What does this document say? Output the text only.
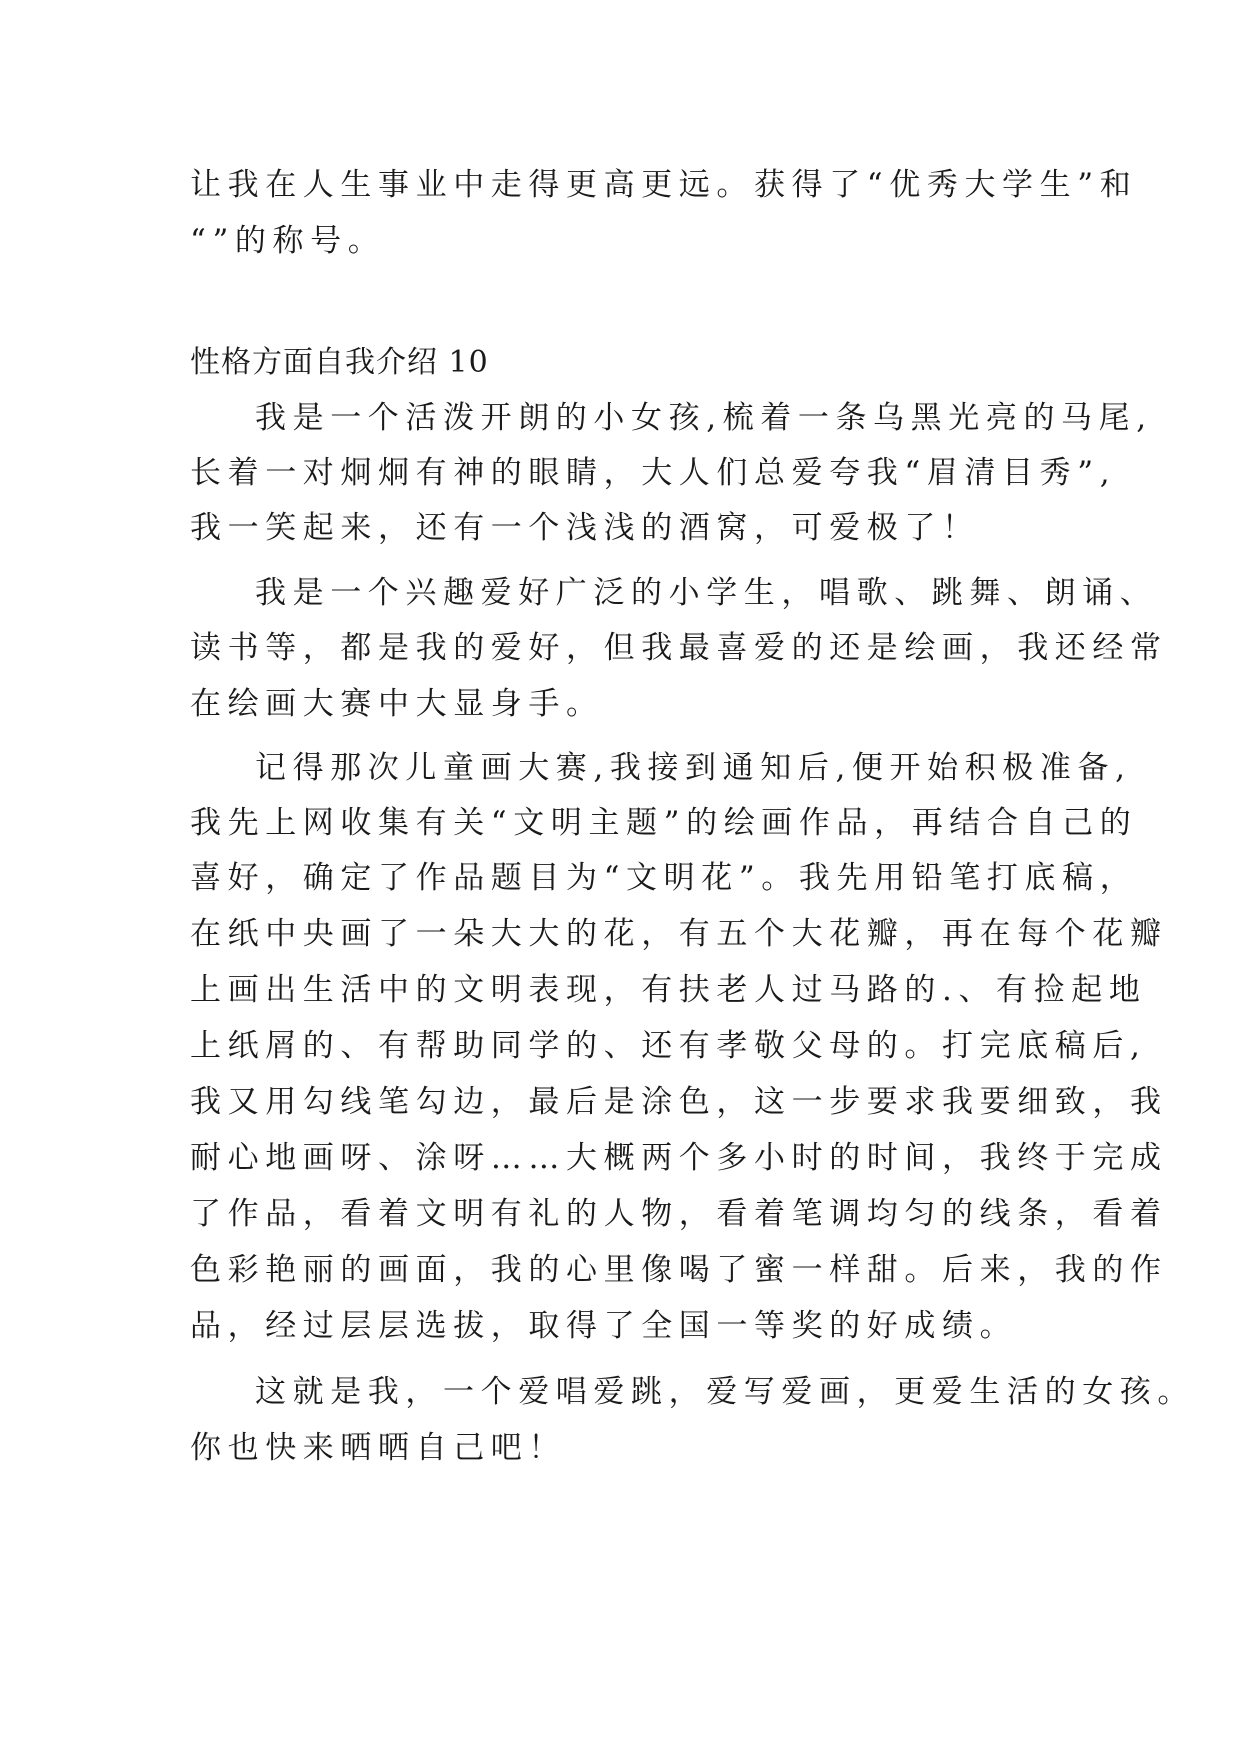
让我在人生事业中走得更高更远。获得了“优秀大学生”和
“”的称号。
性格方面自我介绍 10
我是一个活泼开朗的小女孩,梳着一条乌黑光亮的马尾,
长着一对炯炯有神的眼睛，大人们总爱夸我“眉清目秀”,
我一笑起来，还有一个浅浅的酒窝，可爱极了！
我是一个兴趣爱好广泛的小学生，唱歌、跳舞、朗诵、
读书等，都是我的爱好，但我最喜爱的还是绘画，我还经常
在绘画大赛中大显身手。
记得那次儿童画大赛,我接到通知后,便开始积极准备,
我先上网收集有关“文明主题”的绘画作品，再结合自己的
喜好，确定了作品题目为“文明花”。我先用铅笔打底稿，
在纸中央画了一朵大大的花，有五个大花瓣，再在每个花瓣
上画出生活中的文明表现，有扶老人过马路的.、有捡起地
上纸屑的、有帮助同学的、还有孝敬父母的。打完底稿后,
我又用勾线笔勾边，最后是涂色，这一步要求我要细致，我
耐心地画呀、涂呀……大概两个多小时的时间，我终于完成
了作品，看着文明有礼的人物，看着笔调均匀的线条，看着
色彩艳丽的画面，我的心里像喝了蜜一样甜。后来，我的作
品，经过层层选拔，取得了全国一等奖的好成绩。
这就是我，一个爱唱爱跳，爱写爱画，更爱生活的女孩。
你也快来晒晒自己吧！
